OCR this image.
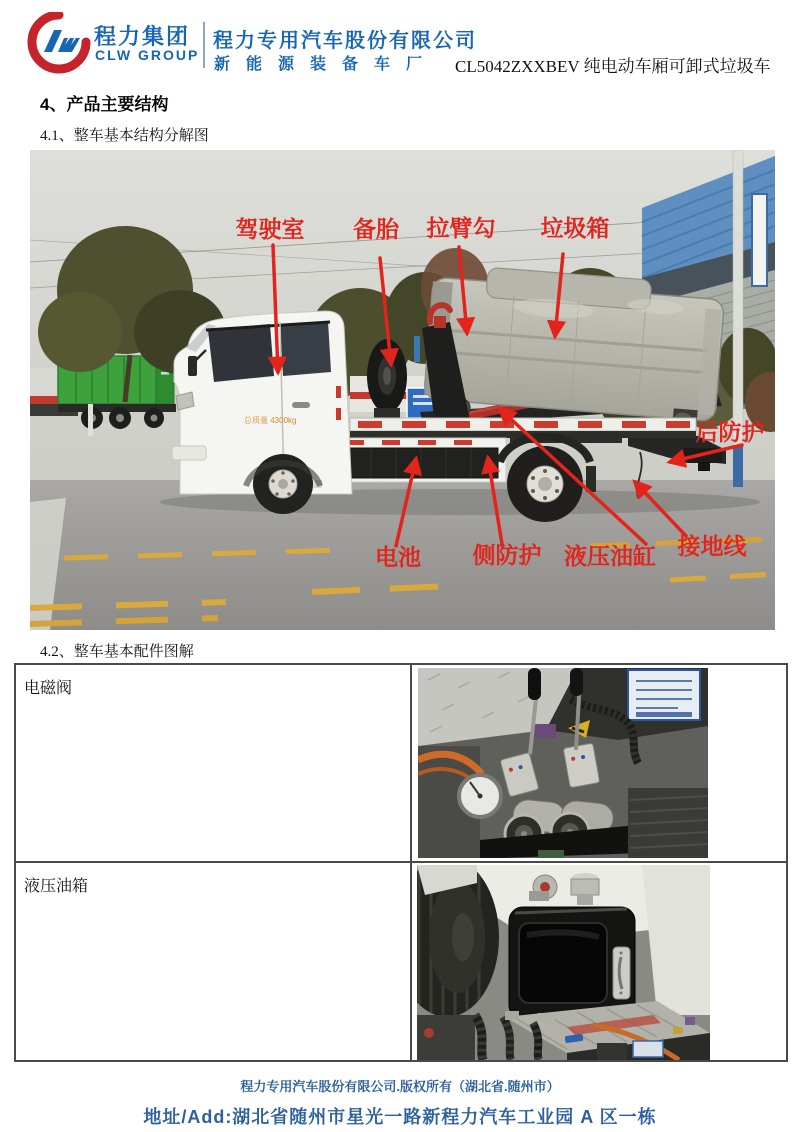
程力集团
CLW GROUP
程力专用汽车股份有限公司
新能源装备车厂 CL5042ZXXBEV 纯电动车厢可卸式垃圾车
4、产品主要结构
4.1、整车基本结构分解图
总质量 4300kg
驾驶室 备胎 拉臂勾 垃圾箱
后防护
电池 侧防护 液压油缸 接地线
4.2、整车基本配件图解
电磁阀
液压油箱
程力专用汽车股份有限公司.版权所有（湖北省.随州市）
地址/Add:湖北省随州市星光一路新程力汽车工业园 A 区一栋
